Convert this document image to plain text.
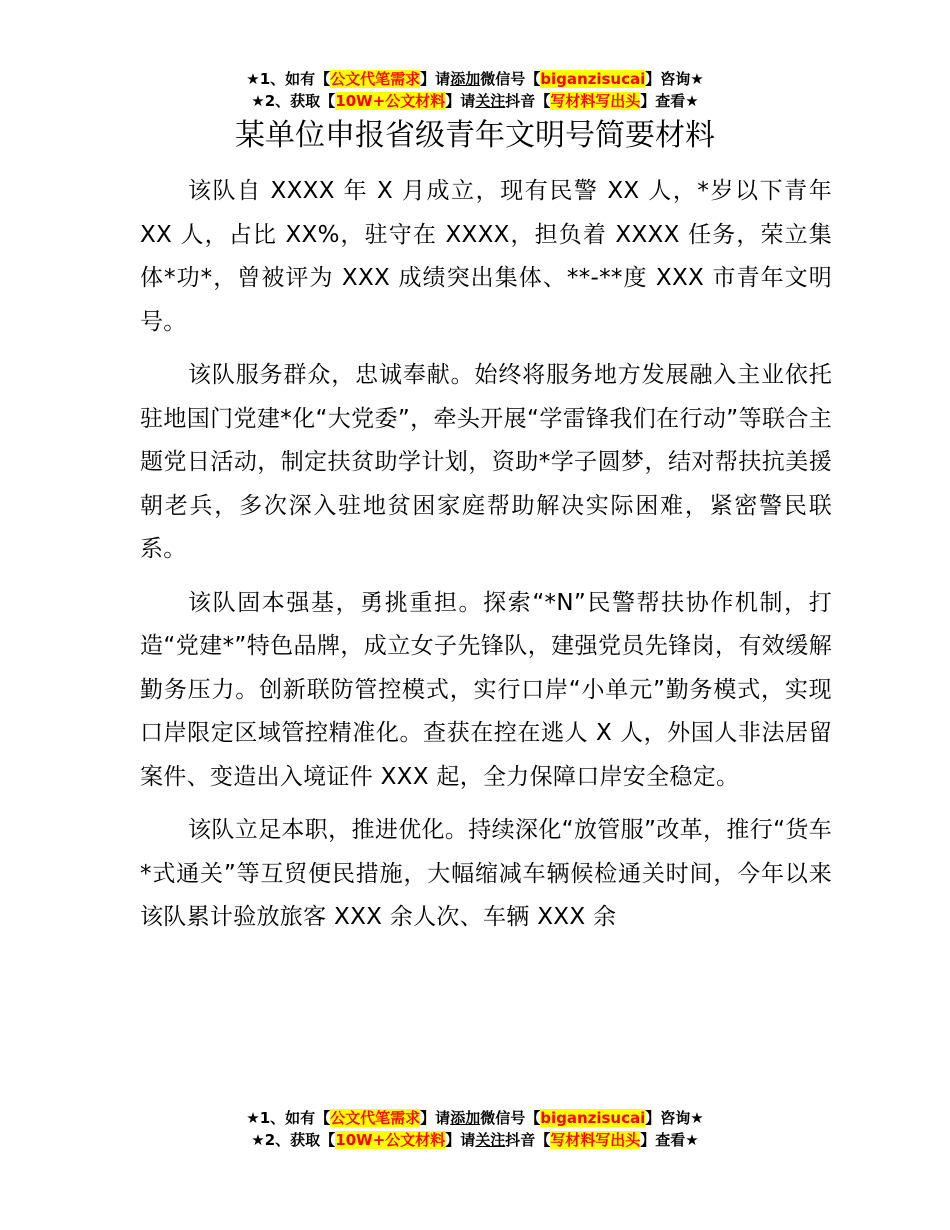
★1、如有【公文代笔需求】请添加微信号【biganzisucai】咨询★
★2、获取【10W+公文材料】请关注抖音【写材料写出头】查看★
某单位申报省级青年文明号简要材料

该队自 XXXX 年 X 月成立，现有民警 XX 人，*岁以下青年 XX 人，占比 XX%，驻守在 XXXX，担负着 XXXX 任务，荣立集体*功*，曾被评为 XXX 成绩突出集体、**-**度 XXX 市青年文明号。

该队服务群众，忠诚奉献。始终将服务地方发展融入主业依托驻地国门党建*化“大党委”，牵头开展“学雷锋我们在行动”等联合主题党日活动，制定扶贫助学计划，资助*学子圆梦，结对帮扶抗美援朝老兵，多次深入驻地贫困家庭帮助解决实际困难，紧密警民联系。

该队固本强基，勇挑重担。探索“*N”民警帮扶协作机制，打造“党建*”特色品牌，成立女子先锋队，建强党员先锋岗，有效缓解勤务压力。创新联防管控模式，实行口岸“小单元”勤务模式，实现口岸限定区域管控精准化。查获在控在逃人 X 人，外国人非法居留案件、变造出入境证件 XXX 起，全力保障口岸安全稳定。

该队立足本职，推进优化。持续深化“放管服”改革，推行“货车*式通关”等互贸便民措施，大幅缩减车辆候检通关时间，今年以来该队累计验放旅客 XXX 余人次、车辆 XXX 余

★1、如有【公文代笔需求】请添加微信号【biganzisucai】咨询★
★2、获取【10W+公文材料】请关注抖音【写材料写出头】查看★
